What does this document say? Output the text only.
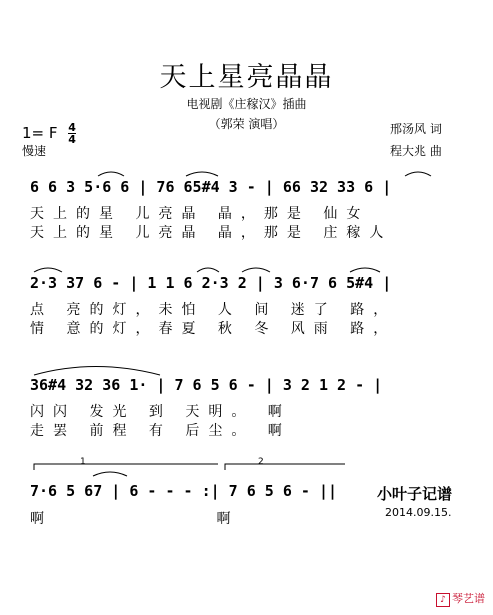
天上星亮晶晶
电视剧《庄稼汉》插曲
（郭荣 演唱）
1= F $\frac{4}{4}$
慢速
邢汤风 词
程大兆 曲
6 6 3 5·6 6 | 76 65#4 3 - | 66 32 33 6 |
天上的星 儿亮晶 晶，那是 仙女
天上的星 儿亮晶 晶，那是 庄稼人
2·3 37 6 - | 1 1 6 2·3 2 | 3 6·7 6 5#4 |
点 亮的灯，未怕 人 间 迷了 路，
情 意的灯，春夏 秋 冬 风雨 路，
36#4 32 36 1· | 7 6 5 6 - | 3 2 1 2 - |
闪闪 发光 到 天明。 啊
走罢 前程 有 后尘。 啊
1	2
7·6 5 67 | 6 - - - :| 7 6 5 6 - ||
啊 啊
小叶子记谱
2014.09.15.
♪ 琴艺谱
